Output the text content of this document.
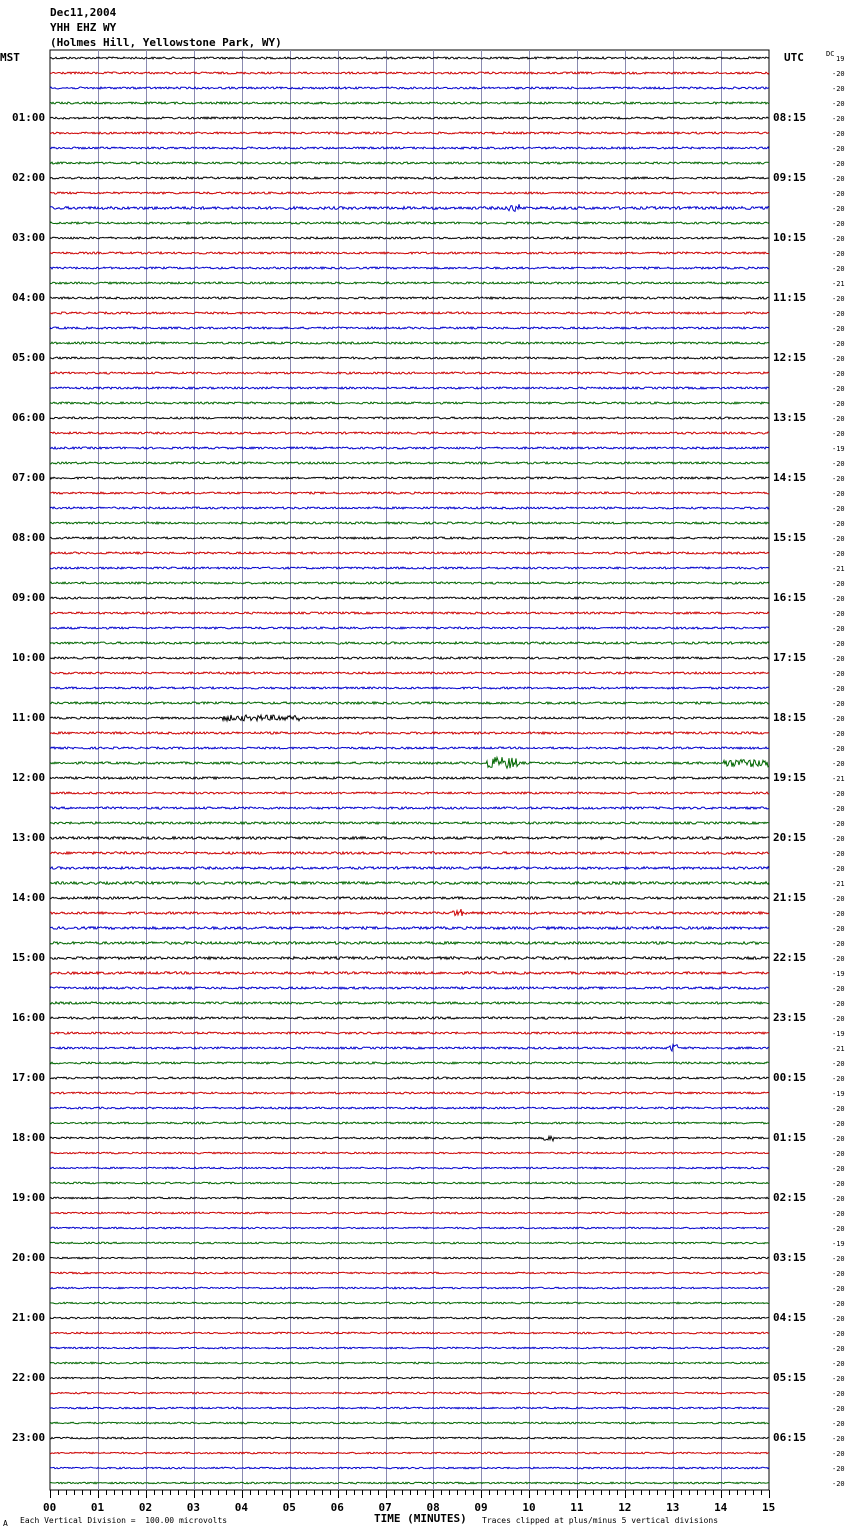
Dec11,2004
YHH EHZ WY
(Holmes Hill, Yellowstone Park, WY)
MST	UTC	DC
01:00
02:00
03:00
04:00
05:00
06:00
07:00
08:00
09:00
10:00
11:00
12:00
13:00
14:00
15:00
16:00
17:00
18:00
19:00
20:00
21:00
22:00
23:00
08:15
09:15
10:15
11:15
12:15
13:15
14:15
15:15
16:15
17:15
18:15
19:15
20:15
21:15
22:15
23:15
00:15
01:15
02:15
03:15
04:15
05:15
06:15
19
-20
-20
-20
-20
-20
-20
-20
-20
-20
-20
-20
-20
-20
-20
-21
-20
-20
-20
-20
-20
-20
-20
-20
-20
-20
-19
-20
-20
-20
-20
-20
-20
-20
-21
-20
-20
-20
-20
-20
-20
-20
-20
-20
-20
-20
-20
-20
-21
-20
-20
-20
-20
-20
-20
-21
-20
-20
-20
-20
-20
-19
-20
-20
-20
-19
-21
-20
-20
-19
-20
-20
-20
-20
-20
-20
-20
-20
-20
-19
-20
-20
-20
-20
-20
-20
-20
-20
-20
-20
-20
-20
-20
-20
-20
-20
00	01	02	03	04	05	06	07	08	09	10	11	12	13	14	15
TIME (MINUTES)
Each Vertical Division =  100.00 microvolts	Traces clipped at plus/minus 5 vertical divisions
A
